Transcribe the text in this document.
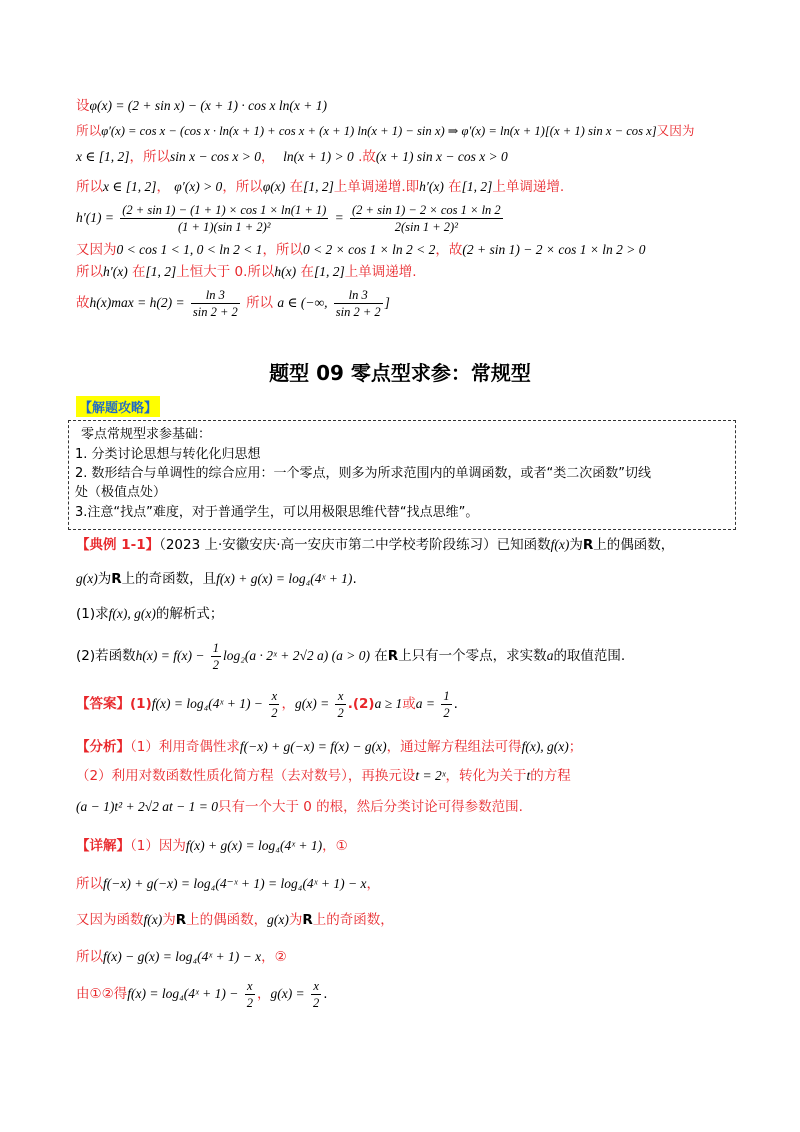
设φ(x) = (2 + sin x) − (x + 1) · cos x ln(x + 1)
所以φ′(x) = cos x − (cos x · ln(x + 1) + cos x + (x + 1) ln(x + 1) − sin x) ⇒ φ′(x) = ln(x + 1)[(x + 1) sin x − cos x]又因为
x ∈ [1, 2]，所以sin x − cos x > 0， ln(x + 1) > 0 .故(x + 1) sin x − cos x > 0
所以x ∈ [1, 2]， φ′(x) > 0，所以φ(x) 在[1, 2]上单调递增.即h′(x) 在[1, 2]上单调递增.
$h'(1) = \frac{(2 + \sin 1) - (1 + 1) \times \cos 1 \times \ln(1 + 1)}{\text{(1 + 1)(sin 1 + 2)²}} = \frac{(2 + \sin 1) - 2 \times \cos 1 \times \ln 2}{\text{2(sin 1 + 2)²}}$
又因为0 < cos 1 < 1, 0 < ln 2 < 1，所以0 < 2 × cos 1 × ln 2 < 2，故(2 + sin 1) − 2 × cos 1 × ln 2 > 0
所以h′(x) 在[1, 2]上恒大于 0.所以h(x) 在[1, 2]上单调递增.
故$h(x)\max = h(2) = \frac{\ln 3}{\sin 2 + 2}$ 所以 a ∈ (−∞, $\frac{\ln 3}{\sin 2 + 2}$ ]
题型 09 零点型求参：常规型
【解题攻略】
零点常规型求参基础：
1. 分类讨论思想与转化化归思想
2. 数形结合与单调性的综合应用：一个零点，则多为所求范围内的单调函数，或者“类二次函数”切线
处（极值点处）
3.注意“找点”难度，对于普通学生，可以用极限思维代替“找点思维”。
【典例 1-1】（2023 上·安徽安庆·高一安庆市第二中学校考阶段练习）已知函数f(x)为R上的偶函数，
g(x)为R上的奇函数，且f(x) + g(x) = log₄(4ˣ + 1).
(1)求f(x), g(x)的解析式；
(2)若函数$h(x) = f(x) - \frac{1}{2} \log_2(a$ · 2ˣ + 2√2 a) (a > 0) 在R上只有一个零点，求实数a的取值范围.
【答案】(1)f(x) = log₄(4ˣ + $1) - \frac{x}{2}$ ，$g(x) = \frac{x}{2} .(2)a \ge 1$或$a = \frac{1}{2}$ .
【分析】（1）利用奇偶性求f(−x) + g(−x) = f(x) − g(x)，通过解方程组法可得f(x), g(x)；
（2）利用对数函数性质化简方程（去对数号），再换元设t = 2ˣ，转化为关于t的方程
(a − 1)t² + 2√2 at − 1 = 0只有一个大于 0 的根，然后分类讨论可得参数范围.
【详解】（1）因为f(x) + g(x) = log₄(4ˣ + 1)，①
所以f(−x) + g(−x) = log₄(4⁻ˣ + 1) = log₄(4ˣ + 1) − x，
又因为函数f(x)为R上的偶函数，g(x)为R上的奇函数，
所以f(x) − g(x) = log₄(4ˣ + 1) − x，②
由①②得f(x) = log₄(4ˣ + $1) - \frac{x}{2}$ ，$g(x) = \frac{x}{2}$ .
